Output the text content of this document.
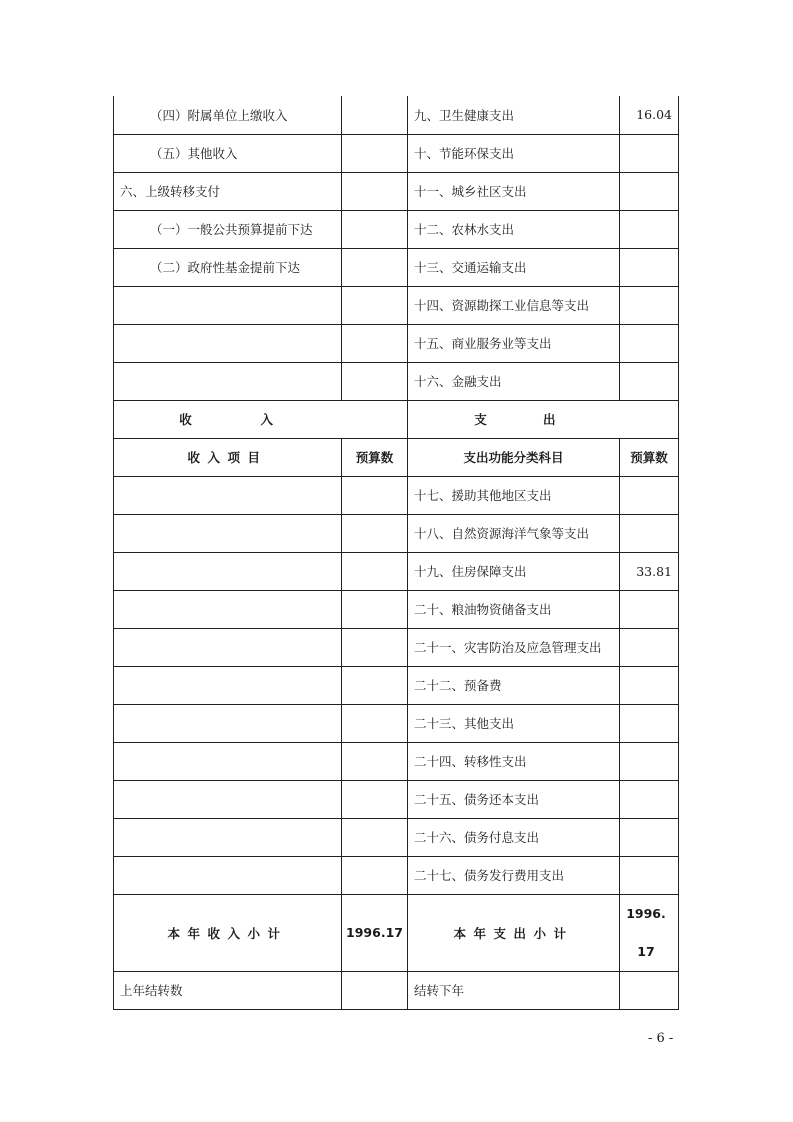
（四）附属单位上缴收入		九、卫生健康支出	16.04
（五）其他收入		十、节能环保支出	
六、上级转移支付		十一、城乡社区支出	
（一）一般公共预算提前下达		十二、农林水支出	
（二）政府性基金提前下达		十三、交通运输支出	
		十四、资源勘探工业信息等支出	
		十五、商业服务业等支出	
		十六、金融支出	
收入		支出	
收入项目	预算数	支出功能分类科目	预算数
		十七、援助其他地区支出	
		十八、自然资源海洋气象等支出	
		十九、住房保障支出	33.81
		二十、粮油物资储备支出	
		二十一、灾害防治及应急管理支出	
		二十二、预备费	
		二十三、其他支出	
		二十四、转移性支出	
		二十五、债务还本支出	
		二十六、债务付息支出	
		二十七、债务发行费用支出	
本年收入小计	1996.17	本年支出小计	1996.17
上年结转数		结转下年	
- 6 -
